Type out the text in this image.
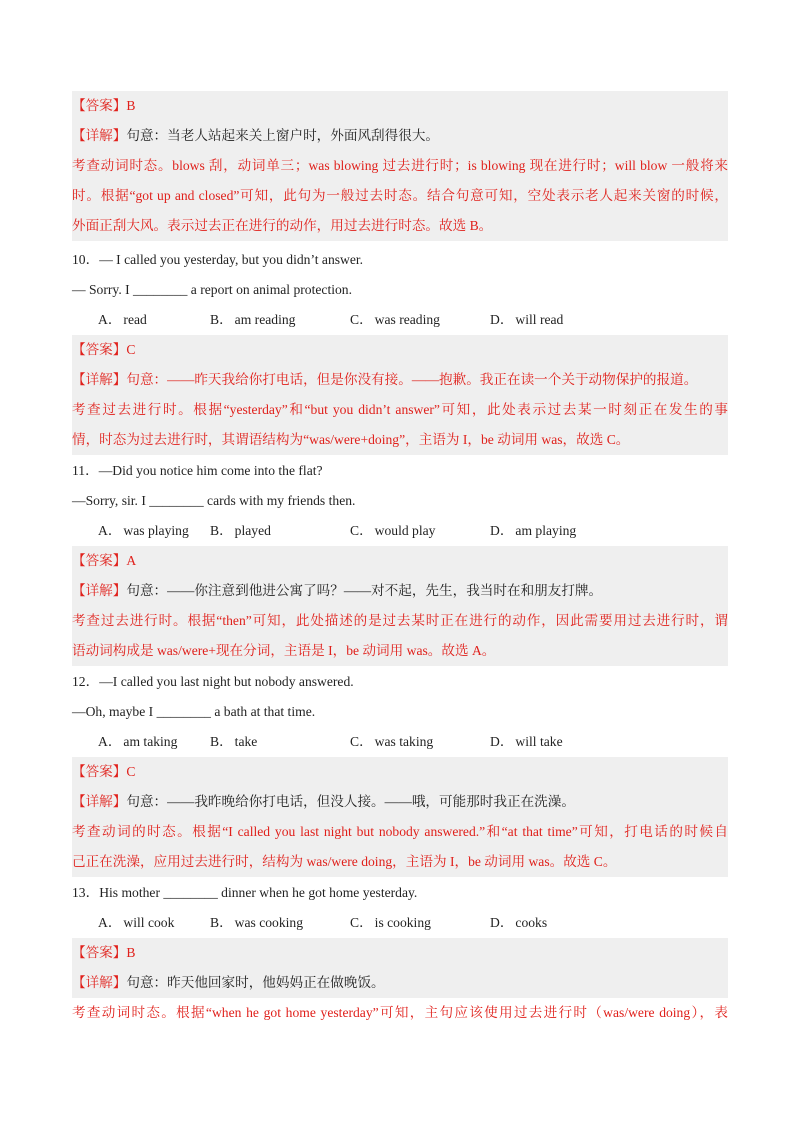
【答案】B
【详解】句意：当老人站起来关上窗户时，外面风刮得很大。
考查动词时态。blows 刮，动词单三；was blowing 过去进行时；is blowing 现在进行时；will blow 一般将来
时。根据“got up and closed”可知，此句为一般过去时态。结合句意可知，空处表示老人起来关窗的时候，
外面正刮大风。表示过去正在进行的动作，用过去进行时态。故选 B。
10．— I called you yesterday, but you didn’t answer.
— Sorry. I ________ a report on animal protection.
A． read	B． am reading	C． was reading	D． will read
【答案】C
【详解】句意：——昨天我给你打电话，但是你没有接。——抱歉。我正在读一个关于动物保护的报道。
考查过去进行时。根据“yesterday”和“but you didn’t answer”可知，此处表示过去某一时刻正在发生的事
情，时态为过去进行时，其谓语结构为“was/were+doing”，主语为 I，be 动词用 was，故选 C。
11．—Did you notice him come into the flat?
—Sorry, sir. I ________ cards with my friends then.
A． was playing B． played	C． would play	D． am playing
【答案】A
【详解】句意：——你注意到他进公寓了吗？——对不起，先生，我当时在和朋友打牌。
考查过去进行时。根据“then”可知，此处描述的是过去某时正在进行的动作，因此需要用过去进行时，谓
语动词构成是 was/were+现在分词，主语是 I，be 动词用 was。故选 A。
12．—I called you last night but nobody answered.
—Oh, maybe I ________ a bath at that time.
A． am taking B． take	C． was taking	D． will take
【答案】C
【详解】句意：——我昨晚给你打电话，但没人接。——哦，可能那时我正在洗澡。
考查动词的时态。根据“I called you last night but nobody answered.”和“at that time”可知，打电话的时候自
己正在洗澡，应用过去进行时，结构为 was/were doing，主语为 I，be 动词用 was。故选 C。
13．His mother ________ dinner when he got home yesterday.
A． will cook	B． was cooking	C． is cooking	D． cooks
【答案】B
【详解】句意：昨天他回家时，他妈妈正在做晚饭。
考查动词时态。根据“when he got home yesterday”可知，主句应该使用过去进行时（was/were doing），表
